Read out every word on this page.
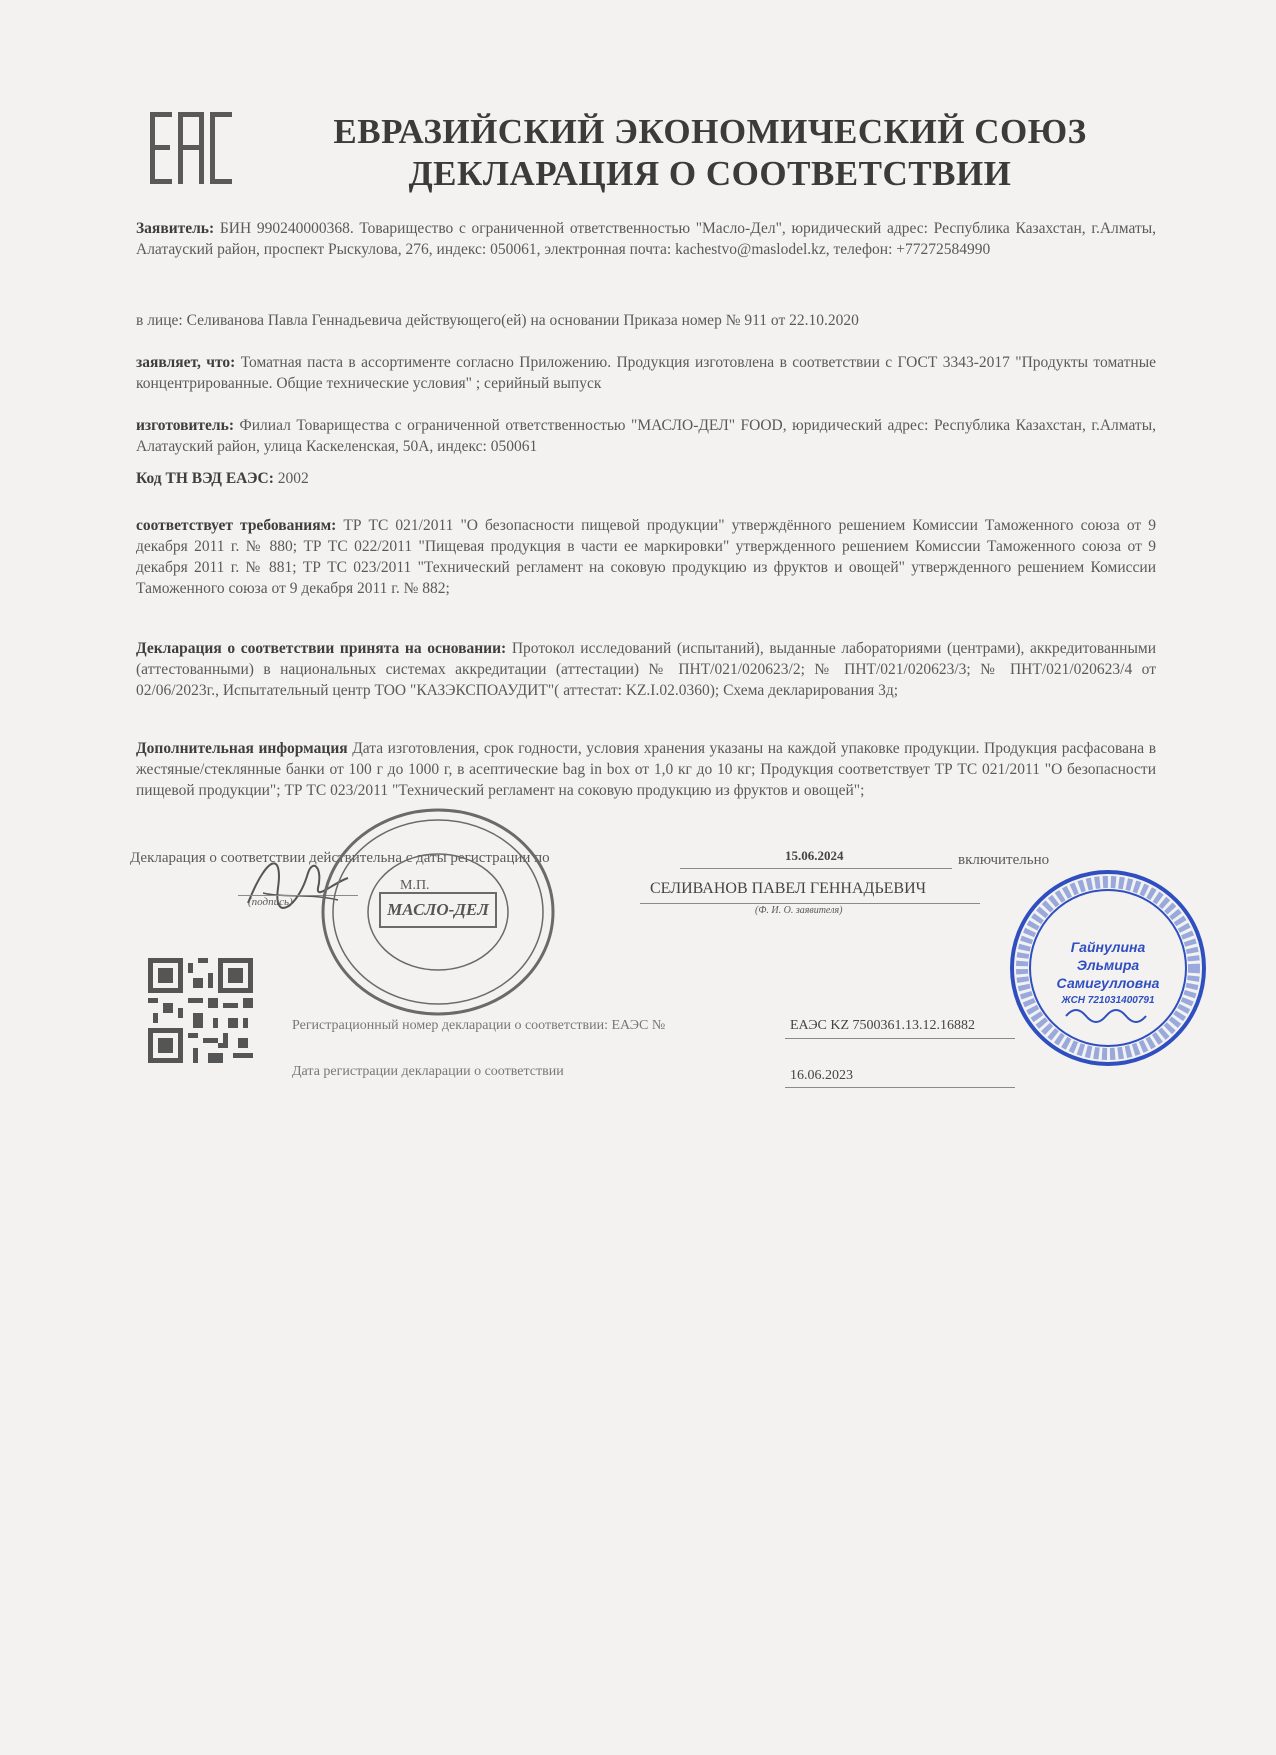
ЕВРАЗИЙСКИЙ ЭКОНОМИЧЕСКИЙ СОЮЗ
ДЕКЛАРАЦИЯ О СООТВЕТСТВИИ
Заявитель: БИН 990240000368. Товарищество с ограниченной ответственностью "Масло-Дел", юридический адрес: Республика Казахстан, г.Алматы, Алатауский район, проспект Рыскулова, 276, индекс: 050061, электронная почта: kachestvo@maslodel.kz, телефон: +77272584990
в лице: Селиванова Павла Геннадьевича действующего(ей) на основании Приказа номер № 911 от 22.10.2020
заявляет, что: Томатная паста в ассортименте согласно Приложению. Продукция изготовлена в соответствии с ГОСТ 3343-2017 "Продукты томатные концентрированные. Общие технические условия" ; серийный выпуск
изготовитель: Филиал Товарищества с ограниченной ответственностью "МАСЛО-ДЕЛ" FOOD, юридический адрес: Республика Казахстан, г.Алматы, Алатауский район, улица Каскеленская, 50А, индекс: 050061
Код ТН ВЭД ЕАЭС: 2002
соответствует требованиям: ТР ТС 021/2011 "О безопасности пищевой продукции" утверждённого решением Комиссии Таможенного союза от 9 декабря 2011 г. № 880; ТР ТС 022/2011 "Пищевая продукция в части ее маркировки" утвержденного решением Комиссии Таможенного союза от 9 декабря 2011 г. № 881; ТР ТС 023/2011 "Технический регламент на соковую продукцию из фруктов и овощей" утвержденного решением Комиссии Таможенного союза от 9 декабря 2011 г. № 882;
Декларация о соответствии принята на основании: Протокол исследований (испытаний), выданные лабораториями (центрами), аккредитованными (аттестованными) в национальных системах аккредитации (аттестации) № ПНТ/021/020623/2; № ПНТ/021/020623/3; № ПНТ/021/020623/4 от 02/06/2023г., Испытательный центр ТОО "КАЗЭКСПОАУДИТ"( аттестат: KZ.I.02.0360); Схема декларирования 3д;
Дополнительная информация Дата изготовления, срок годности, условия хранения указаны на каждой упаковке продукции. Продукция расфасована в жестяные/стеклянные банки от 100 г до 1000 г, в асептические bag in box от 1,0 кг до 10 кг; Продукция соответствует ТР ТС 021/2011 "О безопасности пищевой продукции"; ТР ТС 023/2011 "Технический регламент на соковую продукцию из фруктов и овощей";
Декларация о соответствии действительна с даты регистрации по	15.06.2024	включительно
(подпись)
М.П.	СЕЛИВАНОВ ПАВЕЛ ГЕННАДЬЕВИЧ
(Ф. И. О. заявителя)
МАСЛО-ДЕЛ
Регистрационный номер декларации о соответствии: ЕАЭС №	ЕАЭС KZ 7500361.13.12.16882
Дата регистрации декларации о соответствии	16.06.2023
Гайнулина
Эльмира
Самигулловна
ЖСН 721031400791
